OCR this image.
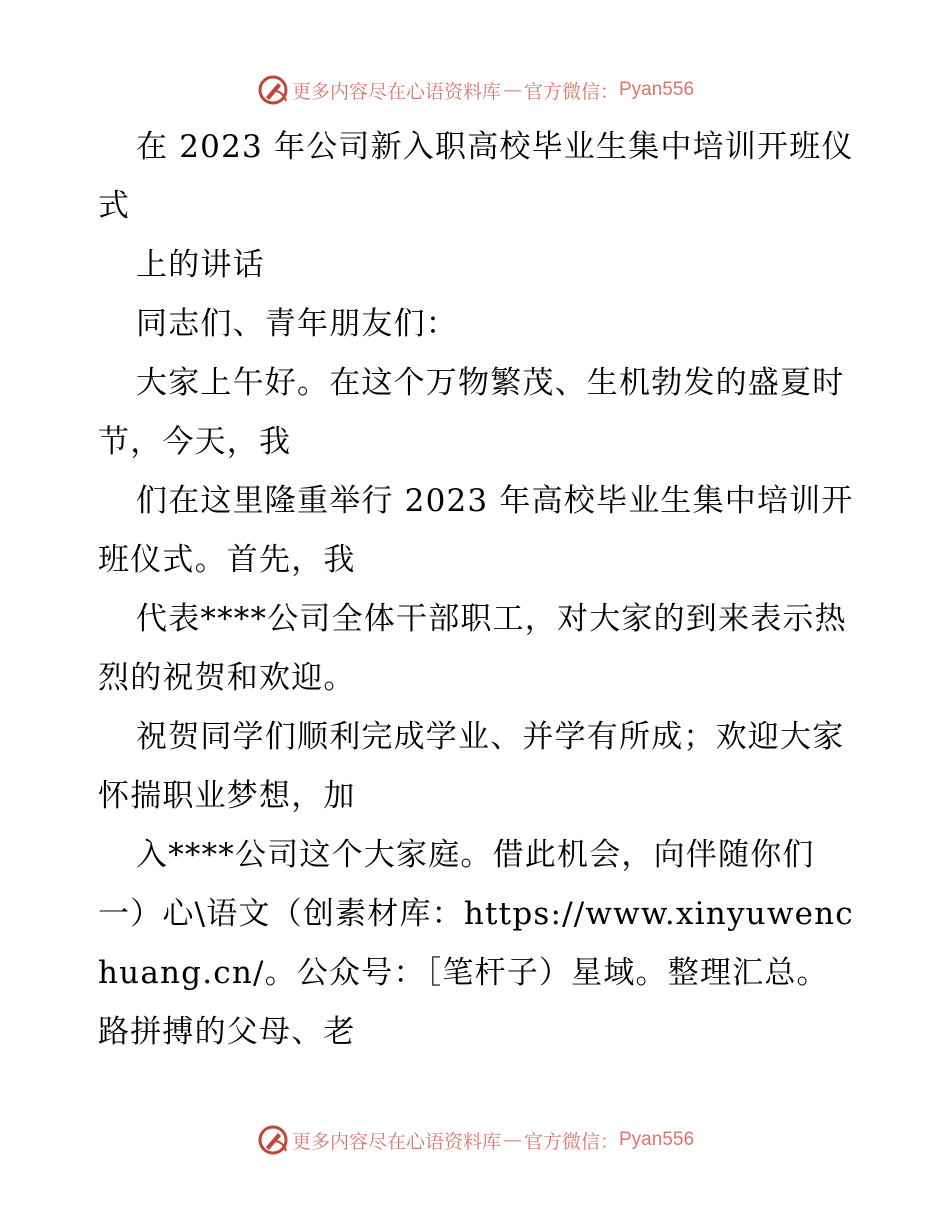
更多内容尽在心语资料库 — 官方微信： Pyan556

在 2023 年公司新入职高校毕业生集中培训开班仪式

上的讲话

同志们、青年朋友们：

大家上午好。在这个万物繁茂、生机勃发的盛夏时节，今天，我

们在这里隆重举行 2023 年高校毕业生集中培训开班仪式。首先，我

代表****公司全体干部职工，对大家的到来表示热烈的祝贺和欢迎。

祝贺同学们顺利完成学业、并学有所成；欢迎大家怀揣职业梦想，加

入****公司这个大家庭。借此机会，向伴随你们一）心\语文（创素材库：https://www.xinyuwenchuang.cn/。公众号：［笔杆子）星域。整理汇总。路拼搏的父母、老

更多内容尽在心语资料库 — 官方微信： Pyan556
